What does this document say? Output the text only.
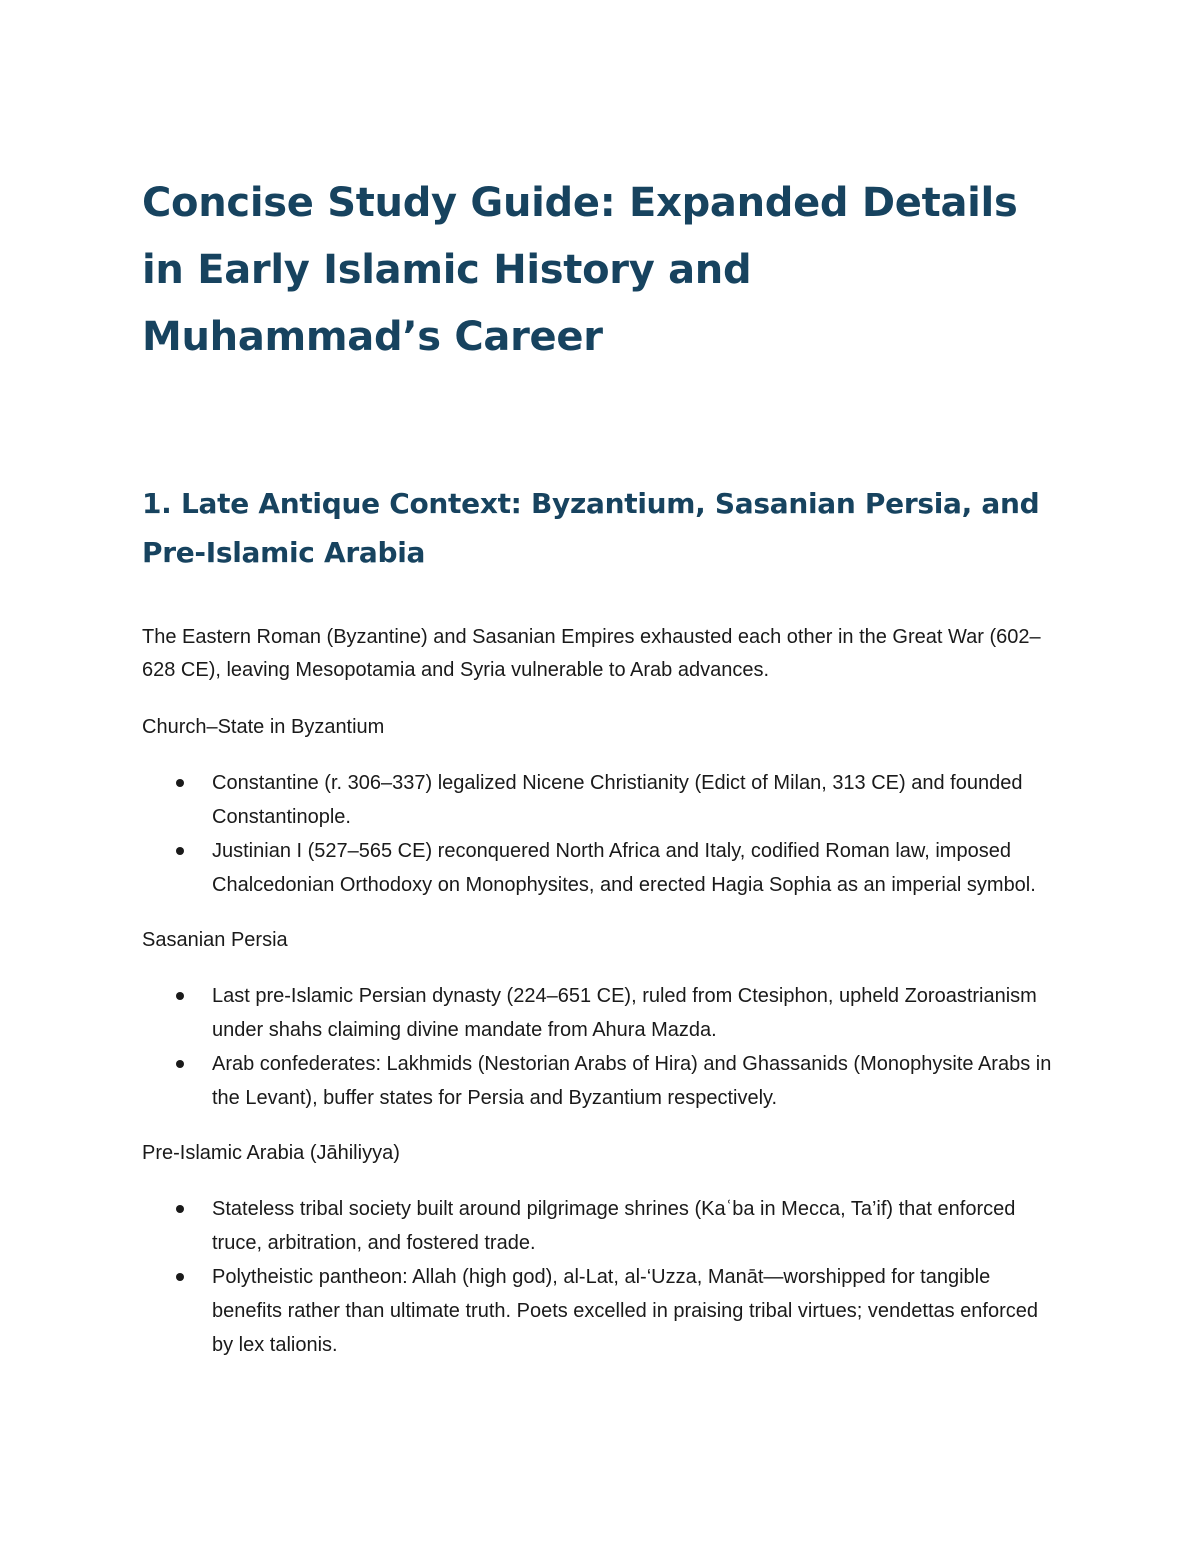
Concise Study Guide: Expanded Details in Early Islamic History and Muhammad’s Career
1. Late Antique Context: Byzantium, Sasanian Persia, and Pre-Islamic Arabia

The Eastern Roman (Byzantine) and Sasanian Empires exhausted each other in the Great War (602–628 CE), leaving Mesopotamia and Syria vulnerable to Arab advances.

Church–State in Byzantium

Constantine (r. 306–337) legalized Nicene Christianity (Edict of Milan, 313 CE) and founded Constantinople.
Justinian I (527–565 CE) reconquered North Africa and Italy, codified Roman law, imposed Chalcedonian Orthodoxy on Monophysites, and erected Hagia Sophia as an imperial symbol.

Sasanian Persia

Last pre-Islamic Persian dynasty (224–651 CE), ruled from Ctesiphon, upheld Zoroastrianism under shahs claiming divine mandate from Ahura Mazda.
Arab confederates: Lakhmids (Nestorian Arabs of Hira) and Ghassanids (Monophysite Arabs in the Levant), buffer states for Persia and Byzantium respectively.

Pre-Islamic Arabia (Jāhiliyya)

Stateless tribal society built around pilgrimage shrines (Kaʿba in Mecca, Ta’if) that enforced truce, arbitration, and fostered trade.
Polytheistic pantheon: Allah (high god), al-Lat, al-‘Uzza, Manāt—worshipped for tangible benefits rather than ultimate truth. Poets excelled in praising tribal virtues; vendettas enforced by lex talionis.
